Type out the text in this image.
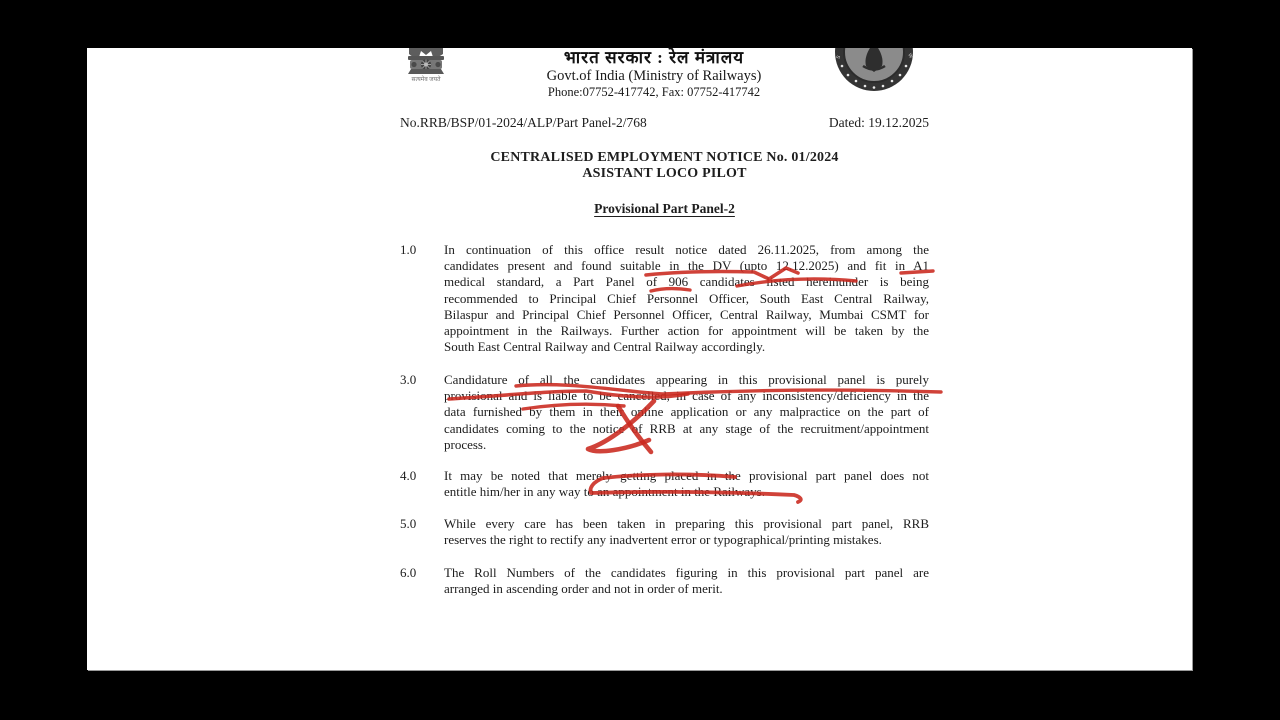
सत्यमेव जयते
भारत सरकार : रेल मंत्रालय
Govt.of India (Ministry of Railways)
Phone:07752-417742, Fax: 07752-417742
S	W
No.RRB/BSP/01-2024/ALP/Part Panel-2/768	Dated: 19.12.2025
CENTRALISED EMPLOYMENT NOTICE No. 01/2024
ASISTANT LOCO PILOT
Provisional Part Panel-2
1.0	In continuation of this office result notice dated 26.11.2025, from among the
candidates present and found suitable in the DV (upto 12.12.2025) and fit in A1
medical standard, a Part Panel of 906 candidates listed hereinunder is being
recommended to Principal Chief Personnel Officer, South East Central Railway,
Bilaspur and Principal Chief Personnel Officer, Central Railway, Mumbai CSMT for
appointment in the Railways. Further action for appointment will be taken by the
South East Central Railway and Central Railway accordingly.
3.0	Candidature of all the candidates appearing in this provisional panel is purely
provisional and is liable to be cancelled, in case of any inconsistency/deficiency in the
data furnished by them in their online application or any malpractice on the part of
candidates coming to the notice of RRB at any stage of the recruitment/appointment
process.
4.0	It may be noted that merely getting placed in the provisional part panel does not
entitle him/her in any way to an appointment in the Railways.
5.0	While every care has been taken in preparing this provisional part panel, RRB
reserves the right to rectify any inadvertent error or typographical/printing mistakes.
6.0	The Roll Numbers of the candidates figuring in this provisional part panel are
arranged in ascending order and not in order of merit.
